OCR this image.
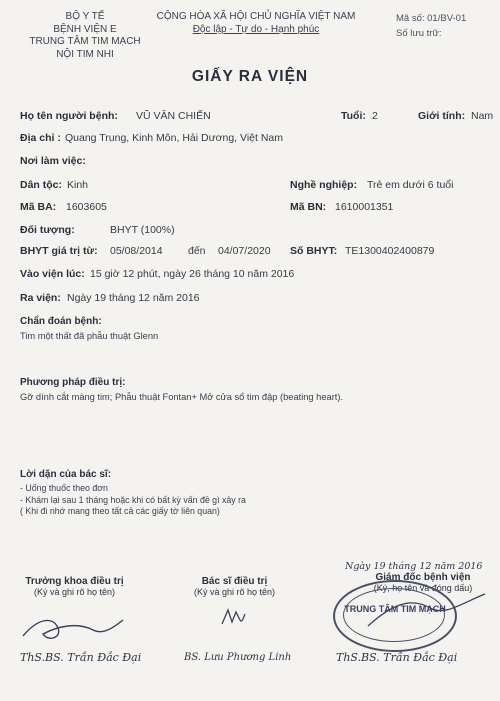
BỘ Y TẾ
BỆNH VIỆN E
TRUNG TÂM TIM MẠCH
NỘI TIM NHI
CỘNG HÒA XÃ HỘI CHỦ NGHĨA VIỆT NAM
Độc lập - Tự do - Hạnh phúc
Mã số: 01/BV-01
Số lưu trữ:
GIẤY RA VIỆN
Họ tên người bệnh: VŨ VĂN CHIẾN	Tuổi: 2	Giới tính: Nam
Địa chỉ : Quang Trung, Kinh Môn, Hải Dương, Việt Nam
Nơi làm việc:
Dân tộc: Kinh	Nghề nghiệp: Trẻ em dưới 6 tuổi
Mã BA: 1603605	Mã BN: 1610001351
Đối tượng:	BHYT (100%)
BHYT giá trị từ: 05/08/2014 đến 04/07/2020 Số BHYT: TE1300402400879
Vào viện lúc: 15 giờ 12 phút, ngày 26 tháng 10 năm 2016
Ra viện: Ngày 19 tháng 12 năm 2016
Chẩn đoán bệnh:
Tim một thất đã phẫu thuật Glenn
Phương pháp điều trị:
Gỡ dính cắt màng tim; Phẫu thuật Fontan+ Mở cửa sổ tim đập (beating heart).
Lời dặn của bác sĩ:
- Uống thuốc theo đơn
- Khám lại sau 1 tháng hoặc khi có bất kỳ vấn đề gì xảy ra
( Khi đi nhớ mang theo tất cả các giấy tờ liên quan)
Ngày 19 tháng 12 năm 2016
Trưởng khoa điều trị
(Ký và ghi rõ họ tên)
Bác sĩ điều trị
(Ký và ghi rõ họ tên)
Giám đốc bệnh viện
(Ký, họ tên và đóng dấu)
TRUNG TÂM TIM MẠCH
ThS.BS. Trần Đắc Đại	BS. Lưu Phương Linh	ThS.BS. Trần Đắc Đại
